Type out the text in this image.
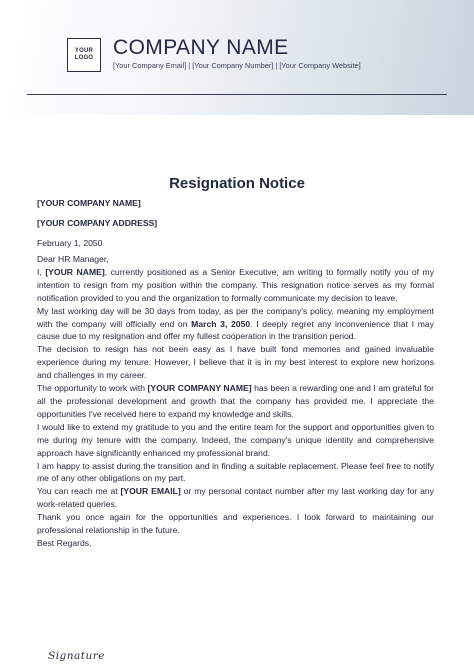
YOUR
LOGO COMPANY NAME
[Your Company Email] | [Your Company Number] | [Your Company Website]
Resignation Notice
[YOUR COMPANY NAME]
[YOUR COMPANY ADDRESS]
February 1, 2050

Dear HR Manager,

I, [YOUR NAME], currently positioned as a Senior Executive, am writing to formally notify you of my intention to resign from my position within the company. This resignation notice serves as my formal notification provided to you and the organization to formally communicate my decision to leave.

My last working day will be 30 days from today, as per the company's policy, meaning my employment with the company will officially end on March 3, 2050. I deeply regret any inconvenience that I may cause due to my resignation and offer my fullest cooperation in the transition period.

The decision to resign has not been easy as I have built fond memories and gained invaluable experience during my tenure. However, I believe that it is in my best interest to explore new horizons and challenges in my career.

The opportunity to work with [YOUR COMPANY NAME] has been a rewarding one and I am grateful for all the professional development and growth that the company has provided me. I appreciate the opportunities I've received here to expand my knowledge and skills.

I would like to extend my gratitude to you and the entire team for the support and opportunities given to me during my tenure with the company. Indeed, the company's unique identity and comprehensive approach have significantly enhanced my professional brand.

I am happy to assist during the transition and in finding a suitable replacement. Please feel free to notify me of any other obligations on my part.

You can reach me at [YOUR EMAIL] or my personal contact number after my last working day for any work-related queries.

Thank you once again for the opportunities and experiences. I look forward to maintaining our professional relationship in the future.

Best Regards,

Signature
